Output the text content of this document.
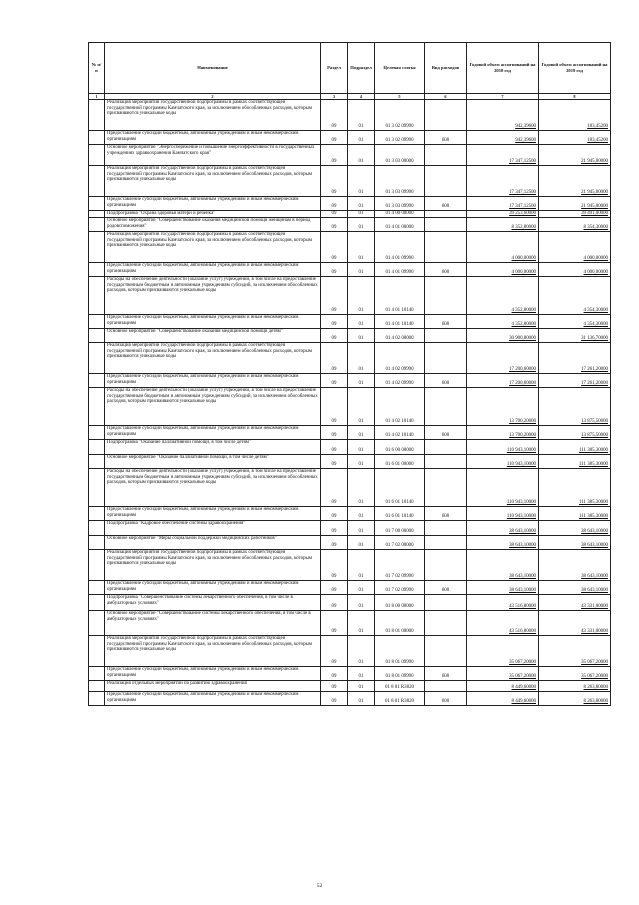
№ п/п	Наименование	Раздел	Подраздел	Целевая статья	Вид расходов	Годовой объем ассигнований на 2018 год	Годовой объем ассигнований на 2019 год
1	2	3	4	5	6	7	8
	Реализация мероприятий государственной подпрограммы в рамках соответствующей государственной программы Камчатского края, за исключением обособленных расходов, которым присваиваются уникальные коды	09	01	01 3 02 09990		942,39600	183,45200
	Предоставление субсидий бюджетным, автономным учреждениям и иным некоммерческим организациям	09	01	01 3 02 09990	600	942,39600	183,45200
	Основное мероприятие "Энергосбережение и повышение энергоэффективности в государственных учреждениях здравоохранения Камчатского края"	09	01	01 3 03 00000		17 347,12500	21 945,00000
	Реализация мероприятий государственной подпрограммы в рамках соответствующей государственной программы Камчатского края, за исключением обособленных расходов, которым присваиваются уникальные коды	09	01	01 3 03 09990		17 347,12500	21 945,00000
	Предоставление субсидий бюджетным, автономным учреждениям и иным некоммерческим организациям	09	01	01 3 03 09990	600	17 347,12500	21 945,00000
	Подпрограмма "Охрана здоровья матери и ребенка"	09	01	01 4 00 00000		39 253,60000	39 491,00000
	Основное мероприятие "Совершенствование оказания медицинской помощи женщинам в период родовспоможения"	09	01	01 4 01 00000		8 352,80000	8 354,30000
	Реализация мероприятий государственной подпрограммы в рамках соответствующей государственной программы Камчатского края, за исключением обособленных расходов, которым присваиваются уникальные коды	09	01	01 4 01 09990		4 000,00000	4 000,00000
	Предоставление субсидий бюджетным, автономным учреждениям и иным некоммерческим организациям	09	01	01 4 01 09990	600	4 000,00000	4 000,00000
	Расходы на обеспечение деятельности (оказание услуг) учреждений, в том числе на предоставление государственным бюджетным и автономным учреждениям субсидий, за исключением обособленных расходов, которым присваиваются уникальные коды	09	01	01 4 01 10140		4 352,80000	4 354,30000
	Предоставление субсидий бюджетным, автономным учреждениям и иным некоммерческим организациям	09	01	01 4 01 10140	600	4 352,80000	4 354,30000
	Основное мероприятие "Совершенствование оказания медицинской помощи детям"	09	01	01 4 02 00000		30 900,80000	31 136,70000
	Реализация мероприятий государственной подпрограммы в рамках соответствующей государственной программы Камчатского края, за исключением обособленных расходов, которым присваиваются уникальные коды	09	01	01 4 02 09990		17 200,60000	17 261,20000
	Предоставление субсидий бюджетным, автономным учреждениям и иным некоммерческим организациям	09	01	01 4 02 09990	600	17 200,60000	17 261,20000
	Расходы на обеспечение деятельности (оказание услуг) учреждений, в том числе на предоставление государственным бюджетным и автономным учреждениям субсидий, за исключением обособленных расходов, которым присваиваются уникальные коды	09	01	01 4 02 10140		13 700,20000	13 875,50000
	Предоставление субсидий бюджетным, автономным учреждениям и иным некоммерческим организациям	09	01	01 4 02 10140	600	13 700,20000	13 875,50000
	Подпрограмма "Оказание паллиативной помощи, в том числе детям"	09	01	01 6 00 00000		110 943,10000	111 385,30000
	Основное мероприятие "Оказание паллиативной помощи, в том числе детям"	09	01	01 6 01 00000		110 943,10000	111 385,30000
	Расходы на обеспечение деятельности (оказание услуг) учреждений, в том числе на предоставление государственным бюджетным и автономным учреждениям субсидий, за исключением обособленных расходов, которым присваиваются уникальные коды	09	01	01 6 01 10140		110 943,10000	111 385,30000
	Предоставление субсидий бюджетным, автономным учреждениям и иным некоммерческим организациям	09	01	01 6 01 10140	600	110 943,10000	111 385,30000
	Подпрограмма "Кадровое обеспечение системы здравоохранения"	09	01	01 7 00 00000		38 643,10000	38 643,10000
	Основное мероприятие "Меры социальной поддержки медицинских работников"	09	01	01 7 02 00000		38 643,10000	38 643,10000
	Реализация мероприятий государственной подпрограммы в рамках соответствующей государственной программы Камчатского края, за исключением обособленных расходов, которым присваиваются уникальные коды	09	01	01 7 02 09990		38 643,10000	38 643,10000
	Предоставление субсидий бюджетным, автономным учреждениям и иным некоммерческим организациям	09	01	01 7 02 09990	600	38 643,10000	38 643,10000
	Подпрограмма "Совершенствование системы лекарственного обеспечения, в том числе в амбулаторных условиях"	09	01	01 8 00 00000		43 516,80000	43 331,00000
	Основное мероприятие "Совершенствование системы лекарственного обеспечения, в том числе в амбулаторных условиях"	09	01	01 8 01 00000		43 516,80000	43 331,00000
	Реализация мероприятий государственной подпрограммы в рамках соответствующей государственной программы Камчатского края, за исключением обособленных расходов, которым присваиваются уникальные коды	09	01	01 8 01 09990		35 067,20000	35 067,20000
	Предоставление субсидий бюджетным, автономным учреждениям и иным некоммерческим организациям	09	01	01 8 01 09990	600	35 067,20000	35 067,20000
	Реализация отдельных мероприятий по развитию здравоохранения	09	01	01 8 01 R3820		8 449,60000	8 263,80000
	Предоставление субсидий бюджетным, автономным учреждениям и иным некоммерческим организациям	09	01	01 8 01 R3820	600	8 449,60000	8 263,80000
52
